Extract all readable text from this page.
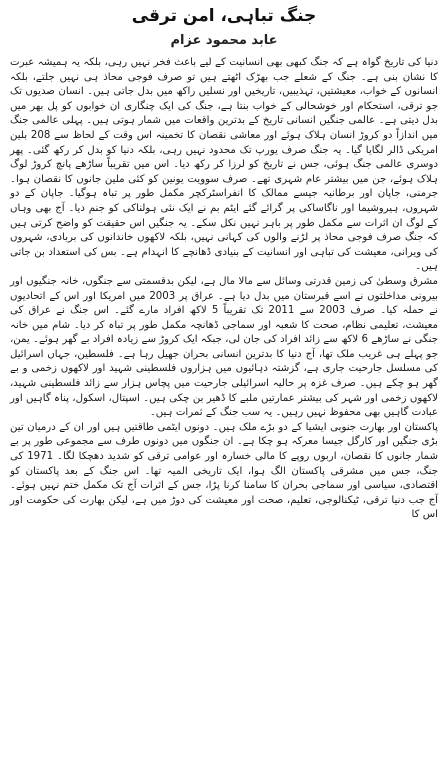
جنگ تباہی، امن ترقی
عابد محمود عزام

دنیا کی تاریخ گواہ ہے کہ جنگ کبھی بھی انسانیت کے لیے باعث فخر نہیں رہی، بلکہ یہ ہمیشہ عبرت کا نشان بنی ہے۔ جنگ کے شعلے جب بھڑک اٹھتے ہیں تو صرف فوجی محاذ ہی نہیں جلتے، بلکہ انسانوں کے خواب، معیشتیں، تہذیبیں، تاریخیں اور نسلیں راکھ میں بدل جاتی ہیں۔ انسان صدیوں تک جو ترقی، استحکام اور خوشحالی کے خواب بنتا ہے، جنگ کی ایک چنگاری ان خوابوں کو پل بھر میں بدل دیتی ہے۔ عالمی جنگیں انسانی تاریخ کے بدترین واقعات میں شمار ہوتی ہیں۔ پہلی عالمی جنگ میں اندازاً دو کروڑ انسان ہلاک ہوئے اور معاشی نقصان کا تخمینہ اس وقت کے لحاظ سے 208 بلین امریکی ڈالر لگایا گیا۔ یہ جنگ صرف یورپ تک محدود نہیں رہی، بلکہ دنیا کو بدل کر رکھ گئی۔ پھر دوسری عالمی جنگ ہوئی، جس نے تاریخ کو لرزا کر رکھ دیا۔ اس میں تقریباً ساڑھے پانچ کروڑ لوگ ہلاک ہوئے، جن میں بیشتر عام شہری تھے۔ صرف سوویت یونین کو کئی ملین جانوں کا نقصان ہوا۔ جرمنی، جاپان اور برطانیہ جیسے ممالک کا انفراسٹرکچر مکمل طور پر تباہ ہوگیا۔ جاپان کے دو شہروں، ہیروشیما اور ناگاساکی پر گرائے گئے ایٹم بم نے ایک نئی ہولناکی کو جنم دیا۔ آج بھی وہاں کے لوگ ان اثرات سے مکمل طور پر باہر نہیں نکل سکے۔ یہ جنگیں اس حقیقت کو واضح کرتی ہیں کہ جنگ صرف فوجی محاذ پر لڑنے والوں کی کہانی نہیں، بلکہ لاکھوں خاندانوں کی بربادی، شہروں کی ویرانی، معیشت کی تباہی اور انسانیت کے بنیادی ڈھانچے کا انہدام ہے۔ بس کی استعداد بن جاتی ہیں۔

مشرق وسطیٰ کی زمین قدرتی وسائل سے مالا مال ہے، لیکن بدقسمتی سے جنگوں، خانہ جنگیوں اور بیرونی مداخلتوں نے اسے قبرستان میں بدل دیا ہے۔ عراق پر 2003 میں امریکا اور اس کے اتحادیوں نے حملہ کیا۔ صرف 2003 سے 2011 تک تقریباً 5 لاکھ افراد مارے گئے۔ اس جنگ نے عراق کی معیشت، تعلیمی نظام، صحت کا شعبہ اور سماجی ڈھانچہ مکمل طور پر تباہ کر دیا۔ شام میں خانہ جنگی نے ساڑھے 6 لاکھ سے زائد افراد کی جان لی، جبکہ ایک کروڑ سے زیادہ افراد بے گھر ہوئے۔ یمن، جو پہلے ہی غریب ملک تھا، آج دنیا کا بدترین انسانی بحران جھیل رہا ہے۔ فلسطین، جہاں اسرائیل کی مسلسل جارحیت جاری ہے، گزشتہ دہائیوں میں ہزاروں فلسطینی شہید اور لاکھوں زخمی و بے گھر ہو چکے ہیں۔ صرف غزہ پر حالیہ اسرائیلی جارحیت میں پچاس ہزار سے زائد فلسطینی شہید، لاکھوں زخمی اور شہر کی بیشتر عمارتیں ملبے کا ڈھیر بن چکی ہیں۔ اسپتال، اسکول، پناہ گاہیں اور عبادت گاہیں بھی محفوظ نہیں رہیں۔ یہ سب جنگ کے ثمرات ہیں۔

پاکستان اور بھارت جنوبی ایشیا کے دو بڑے ملک ہیں۔ دونوں ایٹمی طاقتیں ہیں اور ان کے درمیان تین بڑی جنگیں اور کارگل جیسا معرکہ ہو چکا ہے۔ ان جنگوں میں دونوں طرف سے مجموعی طور پر بے شمار جانوں کا نقصان، اربوں روپے کا مالی خسارہ اور عوامی ترقی کو شدید دھچکا لگا۔ 1971 کی جنگ، جس میں مشرقی پاکستان الگ ہوا، ایک تاریخی المیہ تھا۔ اس جنگ کے بعد پاکستان کو اقتصادی، سیاسی اور سماجی بحران کا سامنا کرنا پڑا، جس کے اثرات آج تک مکمل ختم نہیں ہوئے۔ آج جب دنیا ترقی، ٹیکنالوجی، تعلیم، صحت اور معیشت کی دوڑ میں ہے، لیکن بھارت کی حکومت اور اس کا
